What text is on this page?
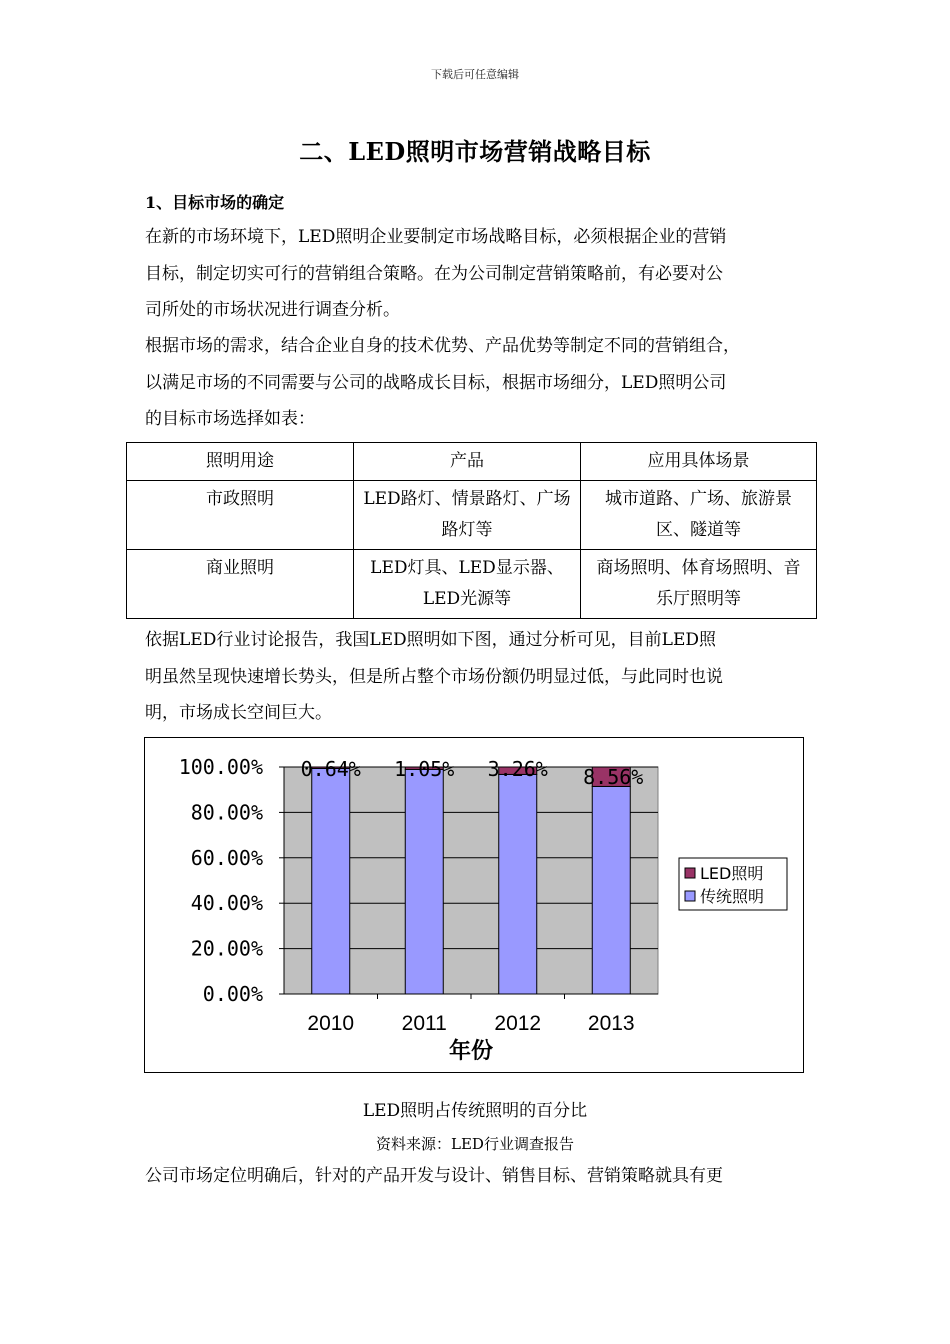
下载后可任意编辑
二、LED照明市场营销战略目标
1、目标市场的确定
在新的市场环境下，LED照明企业要制定市场战略目标，必须根据企业的营销
目标，制定切实可行的营销组合策略。在为公司制定营销策略前，有必要对公
司所处的市场状况进行调查分析。
根据市场的需求，结合企业自身的技术优势、产品优势等制定不同的营销组合，
以满足市场的不同需要与公司的战略成长目标，根据市场细分，LED照明公司
的目标市场选择如表：
照明用途	产品	应用具体场景
市政照明	LED路灯、情景路灯、广场路灯等	城市道路、广场、旅游景区、隧道等
商业照明	LED灯具、LED显示器、LED光源等	商场照明、体育场照明、音乐厅照明等
依据LED行业讨论报告，我国LED照明如下图，通过分析可见，目前LED照
明虽然呈现快速增长势头，但是所占整个市场份额仍明显过低，与此同时也说
明，市场成长空间巨大。
0.00%
20.00%
40.00%
60.00%
80.00%
100.00% 0.64%
2010
1.05%
2011
3.26%
2012
8.56%
2013
年份
LED照明
传统照明
LED照明占传统照明的百分比
资料来源：LED行业调查报告
公司市场定位明确后，针对的产品开发与设计、销售目标、营销策略就具有更
